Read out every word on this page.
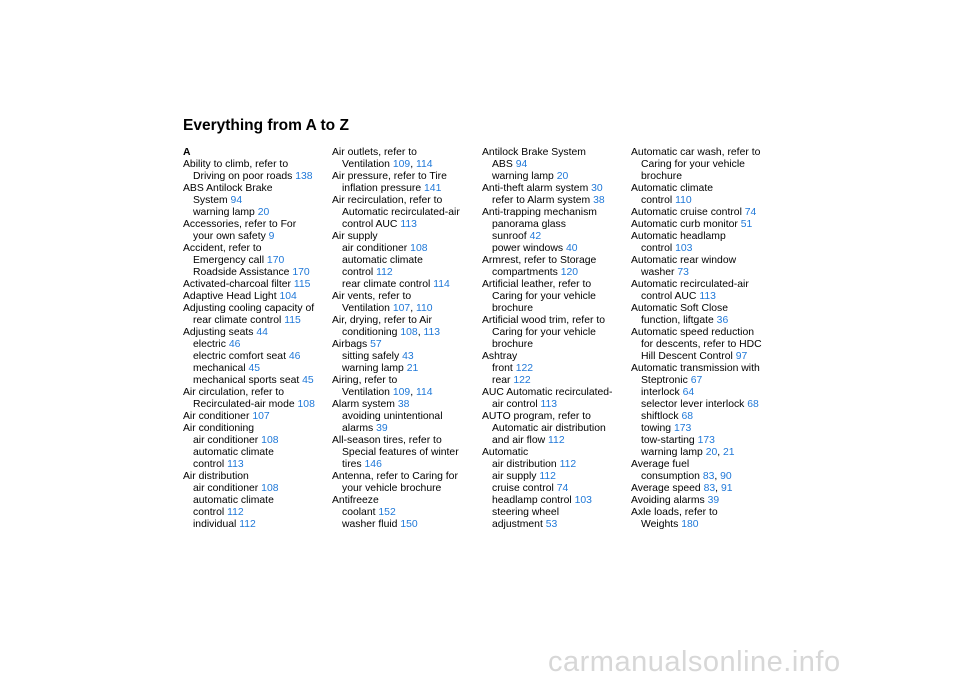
Everything from A to Z
A
Ability to climb, refer to
Driving on poor roads 138
ABS Antilock Brake
System 94
warning lamp 20
Accessories, refer to For
your own safety 9
Accident, refer to
Emergency call 170
Roadside Assistance 170
Activated-charcoal filter 115
Adaptive Head Light 104
Adjusting cooling capacity of
rear climate control 115
Adjusting seats 44
electric 46
electric comfort seat 46
mechanical 45
mechanical sports seat 45
Air circulation, refer to
Recirculated-air mode 108
Air conditioner 107
Air conditioning
air conditioner 108
automatic climate
control 113
Air distribution
air conditioner 108
automatic climate
control 112
individual 112
Air outlets, refer to
Ventilation 109, 114
Air pressure, refer to Tire
inflation pressure 141
Air recirculation, refer to
Automatic recirculated-air
control AUC 113
Air supply
air conditioner 108
automatic climate
control 112
rear climate control 114
Air vents, refer to
Ventilation 107, 110
Air, drying, refer to Air
conditioning 108, 113
Airbags 57
sitting safely 43
warning lamp 21
Airing, refer to
Ventilation 109, 114
Alarm system 38
avoiding unintentional
alarms 39
All-season tires, refer to
Special features of winter
tires 146
Antenna, refer to Caring for
your vehicle brochure
Antifreeze
coolant 152
washer fluid 150
Antilock Brake System
ABS 94
warning lamp 20
Anti-theft alarm system 30
refer to Alarm system 38
Anti-trapping mechanism
panorama glass
sunroof 42
power windows 40
Armrest, refer to Storage
compartments 120
Artificial leather, refer to
Caring for your vehicle
brochure
Artificial wood trim, refer to
Caring for your vehicle
brochure
Ashtray
front 122
rear 122
AUC Automatic recirculated-
air control 113
AUTO program, refer to
Automatic air distribution
and air flow 112
Automatic
air distribution 112
air supply 112
cruise control 74
headlamp control 103
steering wheel
adjustment 53
Automatic car wash, refer to
Caring for your vehicle
brochure
Automatic climate
control 110
Automatic cruise control 74
Automatic curb monitor 51
Automatic headlamp
control 103
Automatic rear window
washer 73
Automatic recirculated-air
control AUC 113
Automatic Soft Close
function, liftgate 36
Automatic speed reduction
for descents, refer to HDC
Hill Descent Control 97
Automatic transmission with
Steptronic 67
interlock 64
selector lever interlock 68
shiftlock 68
towing 173
tow-starting 173
warning lamp 20, 21
Average fuel
consumption 83, 90
Average speed 83, 91
Avoiding alarms 39
Axle loads, refer to
Weights 180
carmanualsonline.info
